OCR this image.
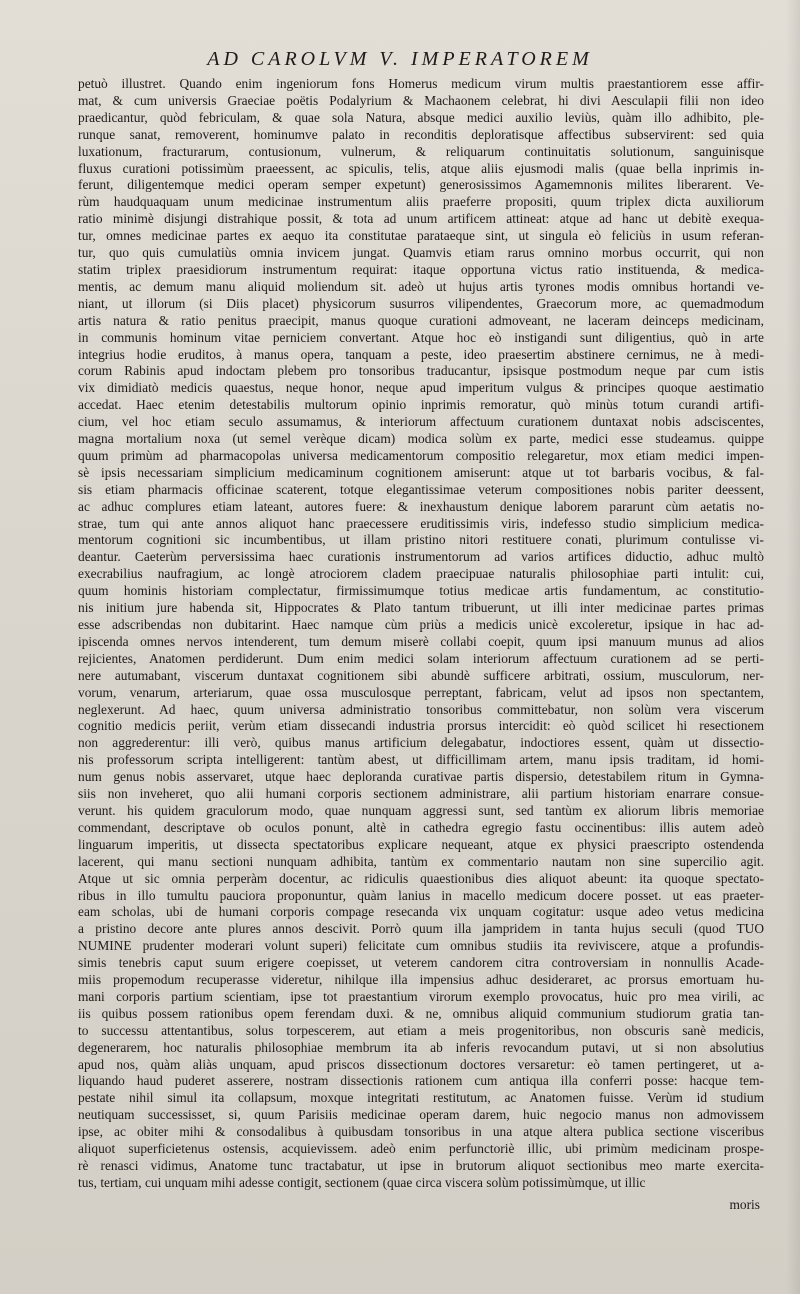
AD CAROLVM V. IMPERATOREM
petuò illustret. Quando enim ingeniorum fons Homerus medicum virum multis praestantiorem esse affir-
mat, & cum universis Graeciae poëtis Podalyrium & Machaonem celebrat, hi divi Aesculapii filii non ideo
praedicantur, quòd febriculam, & quae sola Natura, absque medici auxilio leviùs, quàm illo adhibito, ple-
runque sanat, removerent, hominumve palato in reconditis deploratisque affectibus subservirent: sed quia
luxationum, fracturarum, contusionum, vulnerum, & reliquarum continuitatis solutionum, sanguinisque
fluxus curationi potissimùm praeessent, ac spiculis, telis, atque aliis ejusmodi malis (quae bella inprimis in-
ferunt, diligentemque medici operam semper expetunt) generosissimos Agamemnonis milites liberarent. Ve-
rùm haudquaquam unum medicinae instrumentum aliis praeferre propositi, quum triplex dicta auxiliorum
ratio minimè disjungi distrahique possit, & tota ad unum artificem attineat: atque ad hanc ut debitè exequa-
tur, omnes medicinae partes ex aequo ita constitutae parataeque sint, ut singula eò feliciùs in usum referan-
tur, quo quis cumulatiùs omnia invicem jungat. Quamvis etiam rarus omnino morbus occurrit, qui non
statim triplex praesidiorum instrumentum requirat: itaque opportuna victus ratio instituenda, & medica-
mentis, ac demum manu aliquid moliendum sit. adeò ut hujus artis tyrones modis omnibus hortandi ve-
niant, ut illorum (si Diis placet) physicorum susurros vilipendentes, Graecorum more, ac quemadmodum
artis natura & ratio penitus praecipit, manus quoque curationi admoveant, ne laceram deinceps medicinam,
in communis hominum vitae perniciem convertant. Atque hoc eò instigandi sunt diligentius, quò in arte
integrius hodie eruditos, à manus opera, tanquam a peste, ideo praesertim abstinere cernimus, ne à medi-
corum Rabinis apud indoctam plebem pro tonsoribus traducantur, ipsisque postmodum neque par cum istis
vix dimidiatò medicis quaestus, neque honor, neque apud imperitum vulgus & principes quoque aestimatio
accedat. Haec etenim detestabilis multorum opinio inprimis remoratur, quò minùs totum curandi artifi-
cium, vel hoc etiam seculo assumamus, & interiorum affectuum curationem duntaxat nobis adsciscentes,
magna mortalium noxa (ut semel verèque dicam) modica solùm ex parte, medici esse studeamus. quippe
quum primùm ad pharmacopolas universa medicamentorum compositio relegaretur, mox etiam medici impen-
sè ipsis necessariam simplicium medicaminum cognitionem amiserunt: atque ut tot barbaris vocibus, & fal-
sis etiam pharmacis officinae scaterent, totque elegantissimae veterum compositiones nobis pariter deessent,
ac adhuc complures etiam lateant, autores fuere: & inexhaustum denique laborem pararunt cùm aetatis no-
strae, tum qui ante annos aliquot hanc praecessere eruditissimis viris, indefesso studio simplicium medica-
mentorum cognitioni sic incumbentibus, ut illam pristino nitori restituere conati, plurimum contulisse vi-
deantur. Caeterùm perversissima haec curationis instrumentorum ad varios artifices diductio, adhuc multò
execrabilius naufragium, ac longè atrociorem cladem praecipuae naturalis philosophiae parti intulit: cui,
quum hominis historiam complectatur, firmissimumque totius medicae artis fundamentum, ac constitutio-
nis initium jure habenda sit, Hippocrates & Plato tantum tribuerunt, ut illi inter medicinae partes primas
esse adscribendas non dubitarint. Haec namque cùm priùs a medicis unicè excoleretur, ipsique in hac ad-
ipiscenda omnes nervos intenderent, tum demum miserè collabi coepit, quum ipsi manuum munus ad alios
rejicientes, Anatomen perdiderunt. Dum enim medici solam interiorum affectuum curationem ad se perti-
nere autumabant, viscerum duntaxat cognitionem sibi abundè sufficere arbitrati, ossium, musculorum, ner-
vorum, venarum, arteriarum, quae ossa musculosque perreptant, fabricam, velut ad ipsos non spectantem,
neglexerunt. Ad haec, quum universa administratio tonsoribus committebatur, non solùm vera viscerum
cognitio medicis periit, verùm etiam dissecandi industria prorsus intercidit: eò quòd scilicet hi resectionem
non aggrederentur: illi verò, quibus manus artificium delegabatur, indoctiores essent, quàm ut dissectio-
nis professorum scripta intelligerent: tantùm abest, ut difficillimam artem, manu ipsis traditam, id homi-
num genus nobis asservaret, utque haec deploranda curativae partis dispersio, detestabilem ritum in Gymna-
siis non inveheret, quo alii humani corporis sectionem administrare, alii partium historiam enarrare consue-
verunt. his quidem graculorum modo, quae nunquam aggressi sunt, sed tantùm ex aliorum libris memoriae
commendant, descriptave ob oculos ponunt, altè in cathedra egregio fastu occinentibus: illis autem adeò
linguarum imperitis, ut dissecta spectatoribus explicare nequeant, atque ex physici praescripto ostendenda
lacerent, qui manu sectioni nunquam adhibita, tantùm ex commentario nautam non sine supercilio agit.
Atque ut sic omnia perperàm docentur, ac ridiculis quaestionibus dies aliquot abeunt: ita quoque spectato-
ribus in illo tumultu pauciora proponuntur, quàm lanius in macello medicum docere posset. ut eas praeter-
eam scholas, ubi de humani corporis compage resecanda vix unquam cogitatur: usque adeo vetus medicina
a pristino decore ante plures annos descivit. Porrò quum illa jampridem in tanta hujus seculi (quod TUO
NUMINE prudenter moderari volunt superi) felicitate cum omnibus studiis ita reviviscere, atque a profundis-
simis tenebris caput suum erigere coepisset, ut veterem candorem citra controversiam in nonnullis Acade-
miis propemodum recuperasse videretur, nihilque illa impensius adhuc desideraret, ac prorsus emortuam hu-
mani corporis partium scientiam, ipse tot praestantium virorum exemplo provocatus, huic pro mea virili, ac
iis quibus possem rationibus opem ferendam duxi. & ne, omnibus aliquid communium studiorum gratia tan-
to successu attentantibus, solus torpescerem, aut etiam a meis progenitoribus, non obscuris sanè medicis,
degenerarem, hoc naturalis philosophiae membrum ita ab inferis revocandum putavi, ut si non absolutius
apud nos, quàm aliàs unquam, apud priscos dissectionum doctores versaretur: eò tamen pertingeret, ut a-
liquando haud puderet asserere, nostram dissectionis rationem cum antiqua illa conferri posse: hacque tem-
pestate nihil simul ita collapsum, moxque integritati restitutum, ac Anatomen fuisse. Verùm id studium
neutiquam successisset, si, quum Parisiis medicinae operam darem, huic negocio manus non admovissem
ipse, ac obiter mihi & consodalibus à quibusdam tonsoribus in una atque altera publica sectione visceribus
aliquot superficietenus ostensis, acquievissem. adeò enim perfunctoriè illic, ubi primùm medicinam prospe-
rè renasci vidimus, Anatome tunc tractabatur, ut ipse in brutorum aliquot sectionibus meo marte exercita-
tus, tertiam, cui unquam mihi adesse contigit, sectionem (quae circa viscera solùm potissimùmque, ut illic
moris
